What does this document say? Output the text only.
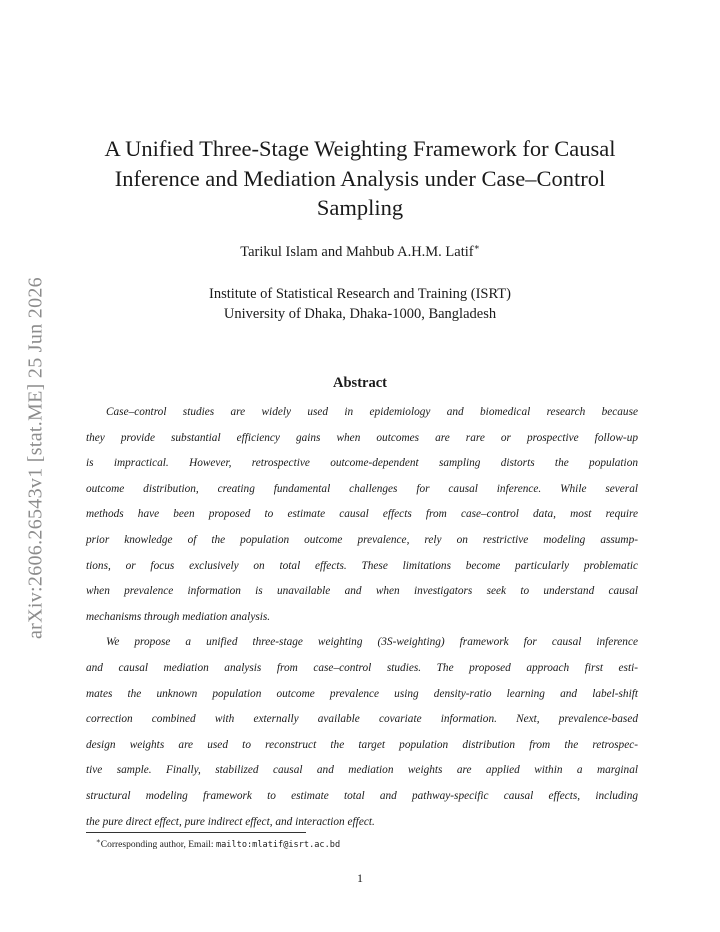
arXiv:2606.26543v1 [stat.ME] 25 Jun 2026
A Unified Three-Stage Weighting Framework for Causal
Inference and Mediation Analysis under Case–Control
Sampling
Tarikul Islam and Mahbub A.H.M. Latif∗
Institute of Statistical Research and Training (ISRT)
University of Dhaka, Dhaka-1000, Bangladesh
Abstract
Case–control studies are widely used in epidemiology and biomedical research because
they provide substantial efficiency gains when outcomes are rare or prospective follow-up
is impractical. However, retrospective outcome-dependent sampling distorts the population
outcome distribution, creating fundamental challenges for causal inference. While several
methods have been proposed to estimate causal effects from case–control data, most require
prior knowledge of the population outcome prevalence, rely on restrictive modeling assump-
tions, or focus exclusively on total effects. These limitations become particularly problematic
when prevalence information is unavailable and when investigators seek to understand causal
mechanisms through mediation analysis.
We propose a unified three-stage weighting (3S-weighting) framework for causal inference
and causal mediation analysis from case–control studies. The proposed approach first esti-
mates the unknown population outcome prevalence using density-ratio learning and label-shift
correction combined with externally available covariate information. Next, prevalence-based
design weights are used to reconstruct the target population distribution from the retrospec-
tive sample. Finally, stabilized causal and mediation weights are applied within a marginal
structural modeling framework to estimate total and pathway-specific causal effects, including
the pure direct effect, pure indirect effect, and interaction effect.
∗Corresponding author, Email: mailto:mlatif@isrt.ac.bd
1
